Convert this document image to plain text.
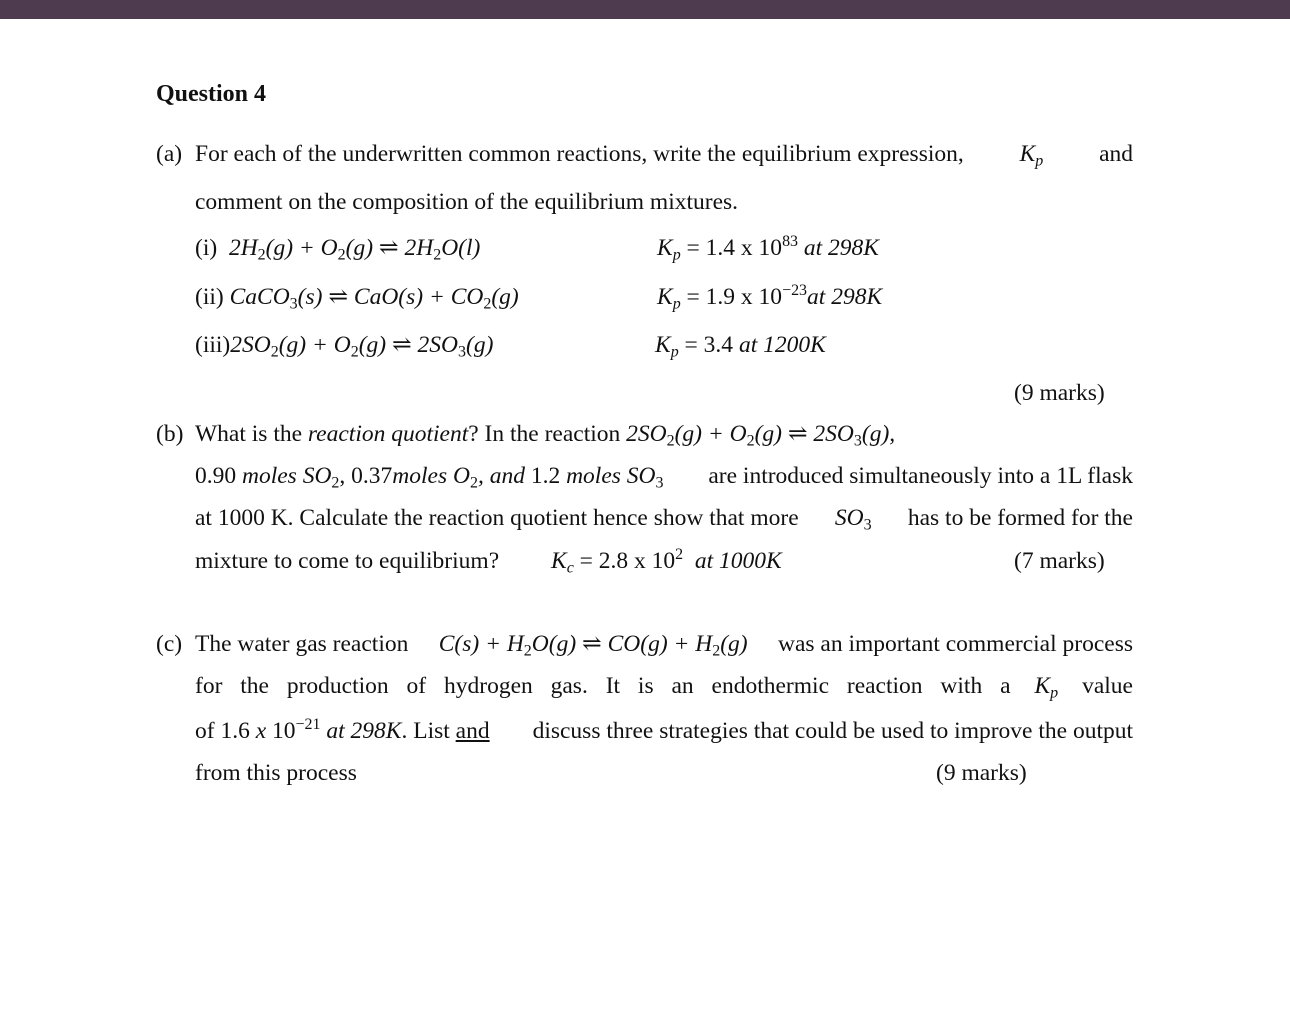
Question 4
(a) For each of the underwritten common reactions, write the equilibrium expression, $K_p$ and
comment on the composition of the equilibrium mixtures.
(i) $2H_2(g) + O_2(g)$ ⇌ $2H_2O(l)$	$K_p = 1.4$ x $10^{83}$ at 298K
(ii) CaCO$_3$(s) ⇌ $CaO(s) + CO_2(g)$	$K_p = 1.9$ x $10^{-23}at$ 298K
$(iii)2SO_2(g) + O_2(g)$ ⇌ $2SO_3(g)$	$K_p = 3.4$ at 1200K
(9 marks)
(b) What is the reaction quotient? In the reaction $2SO_2(g) + O_2(g)$ ⇌ $2SO_3(g)$,
0.90 moles $SO_2$, 0.37moles $O_2$, and 1.2 moles $SO_3$ are introduced simultaneously into a 1L flask
at 1000 K. Calculate the reaction quotient hence show that more $SO_3$ has to be formed for the
mixture to come to equilibrium? $K_c = 2.8$ x $10^2$ at 1000K	(7 marks)
(c) The water gas reaction $C(s) + H_2O(g)$ ⇌ $CO(g) + H_2(g)$ was an important commercial process
for the production of hydrogen gas. It is an endothermic reaction with a $K_p$ value
of 1.6 x $10^{-21}$ at 298K. List and discuss three strategies that could be used to improve the output
from this process	(9 marks)
